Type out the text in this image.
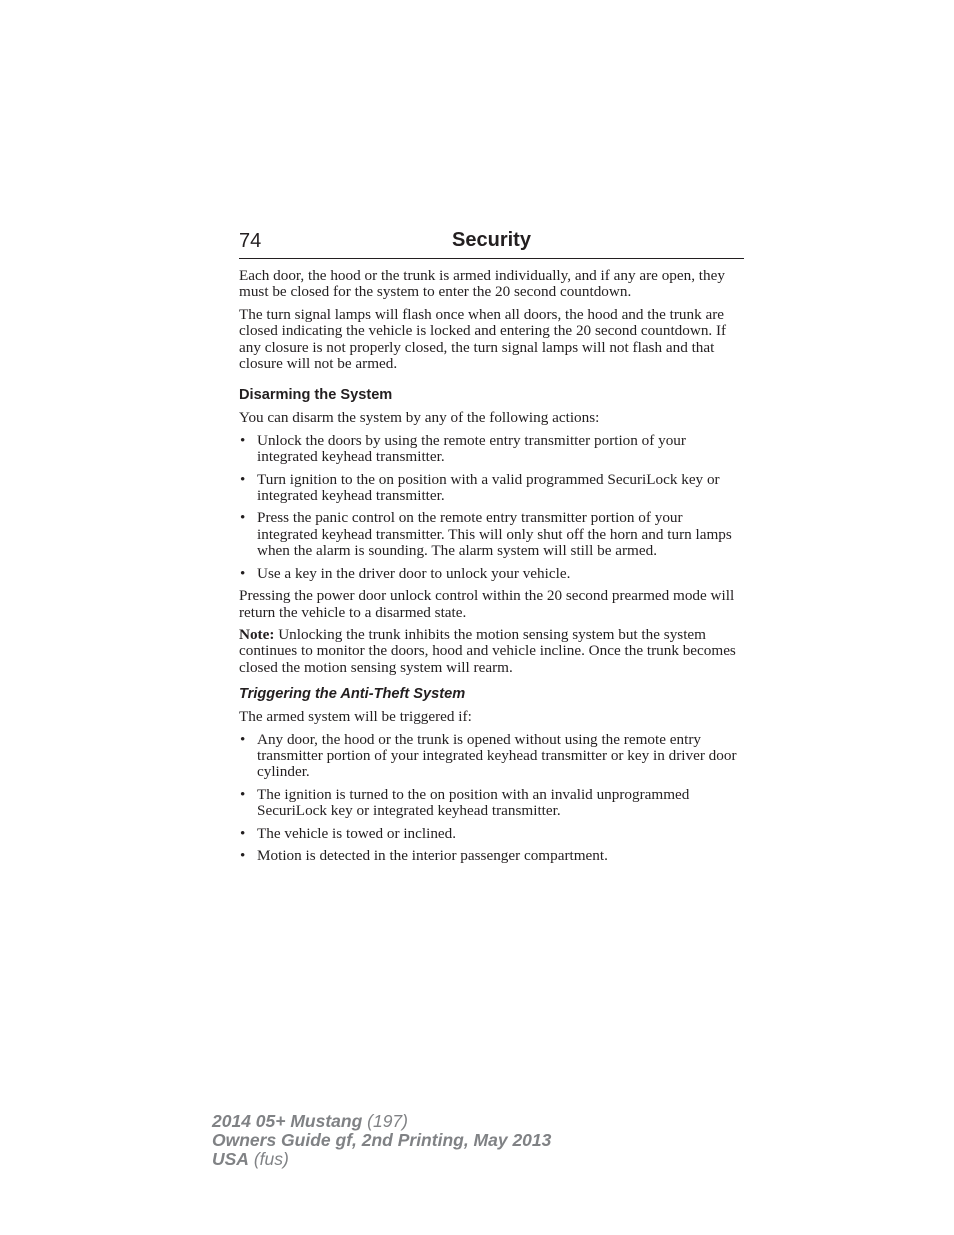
74	Security

Each door, the hood or the trunk is armed individually, and if any are open, they must be closed for the system to enter the 20 second countdown.

The turn signal lamps will flash once when all doors, the hood and the trunk are closed indicating the vehicle is locked and entering the 20 second countdown. If any closure is not properly closed, the turn signal lamps will not flash and that closure will not be armed.

Disarming the System

You can disarm the system by any of the following actions:

• Unlock the doors by using the remote entry transmitter portion of your integrated keyhead transmitter.
• Turn ignition to the on position with a valid programmed SecuriLock key or integrated keyhead transmitter.
• Press the panic control on the remote entry transmitter portion of your integrated keyhead transmitter. This will only shut off the horn and turn lamps when the alarm is sounding. The alarm system will still be armed.
• Use a key in the driver door to unlock your vehicle.

Pressing the power door unlock control within the 20 second prearmed mode will return the vehicle to a disarmed state.

Note: Unlocking the trunk inhibits the motion sensing system but the system continues to monitor the doors, hood and vehicle incline. Once the trunk becomes closed the motion sensing system will rearm.

Triggering the Anti-Theft System

The armed system will be triggered if:

• Any door, the hood or the trunk is opened without using the remote entry transmitter portion of your integrated keyhead transmitter or key in driver door cylinder.
• The ignition is turned to the on position with an invalid unprogrammed SecuriLock key or integrated keyhead transmitter.
• The vehicle is towed or inclined.
• Motion is detected in the interior passenger compartment.
2014 05+ Mustang (197)
Owners Guide gf, 2nd Printing, May 2013
USA (fus)
